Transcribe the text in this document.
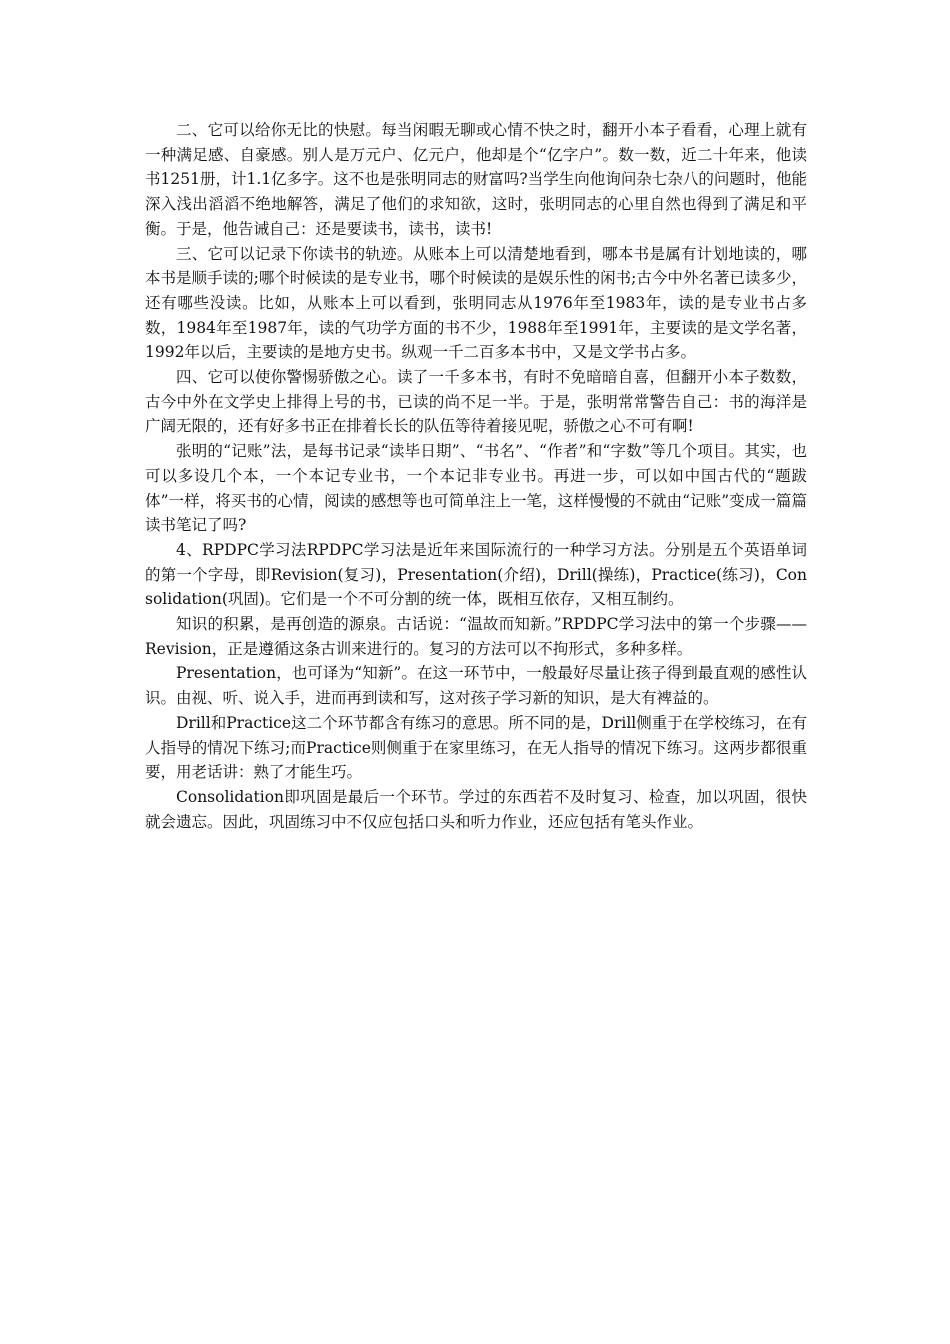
二、它可以给你无比的快慰。每当闲暇无聊或心情不快之时，翻开小本子看看，心理上就有一种满足感、自豪感。别人是万元户、亿元户，他却是个“亿字户”。数一数，近二十年来，他读书1251册，计1.1亿多字。这不也是张明同志的财富吗?当学生向他询问杂七杂八的问题时，他能深入浅出滔滔不绝地解答，满足了他们的求知欲，这时，张明同志的心里自然也得到了满足和平衡。于是，他告诫自己：还是要读书，读书，读书!

三、它可以记录下你读书的轨迹。从账本上可以清楚地看到，哪本书是属有计划地读的，哪本书是顺手读的;哪个时候读的是专业书，哪个时候读的是娱乐性的闲书;古今中外名著已读多少，还有哪些没读。比如，从账本上可以看到，张明同志从1976年至1983年，读的是专业书占多数，1984年至1987年，读的气功学方面的书不少，1988年至1991年，主要读的是文学名著，1992年以后，主要读的是地方史书。纵观一千二百多本书中，又是文学书占多。

四、它可以使你警惕骄傲之心。读了一千多本书，有时不免暗暗自喜，但翻开小本子数数，古今中外在文学史上排得上号的书，已读的尚不足一半。于是，张明常常警告自己：书的海洋是广阔无限的，还有好多书正在排着长长的队伍等待着接见呢，骄傲之心不可有啊!

张明的“记账”法，是每书记录“读毕日期”、“书名”、“作者”和“字数”等几个项目。其实，也可以多设几个本，一个本记专业书，一个本记非专业书。再进一步，可以如中国古代的“题跋体”一样，将买书的心情，阅读的感想等也可简单注上一笔，这样慢慢的不就由“记账”变成一篇篇读书笔记了吗?

4、RPDPC学习法RPDPC学习法是近年来国际流行的一种学习方法。分别是五个英语单词的第一个字母，即Revision(复习)，Presentation(介绍)，Drill(操练)，Practice(练习)，Consolidation(巩固)。它们是一个不可分割的统一体，既相互依存，又相互制约。

知识的积累，是再创造的源泉。古话说：“温故而知新。”RPDPC学习法中的第一个步骤——Revision，正是遵循这条古训来进行的。复习的方法可以不拘形式，多种多样。

Presentation，也可译为“知新”。在这一环节中，一般最好尽量让孩子得到最直观的感性认识。由视、听、说入手，进而再到读和写，这对孩子学习新的知识，是大有裨益的。

Drill和Practice这二个环节都含有练习的意思。所不同的是，Drill侧重于在学校练习，在有人指导的情况下练习;而Practice则侧重于在家里练习，在无人指导的情况下练习。这两步都很重要，用老话讲：熟了才能生巧。

Consolidation即巩固是最后一个环节。学过的东西若不及时复习、检查，加以巩固，很快就会遗忘。因此，巩固练习中不仅应包括口头和听力作业，还应包括有笔头作业。
